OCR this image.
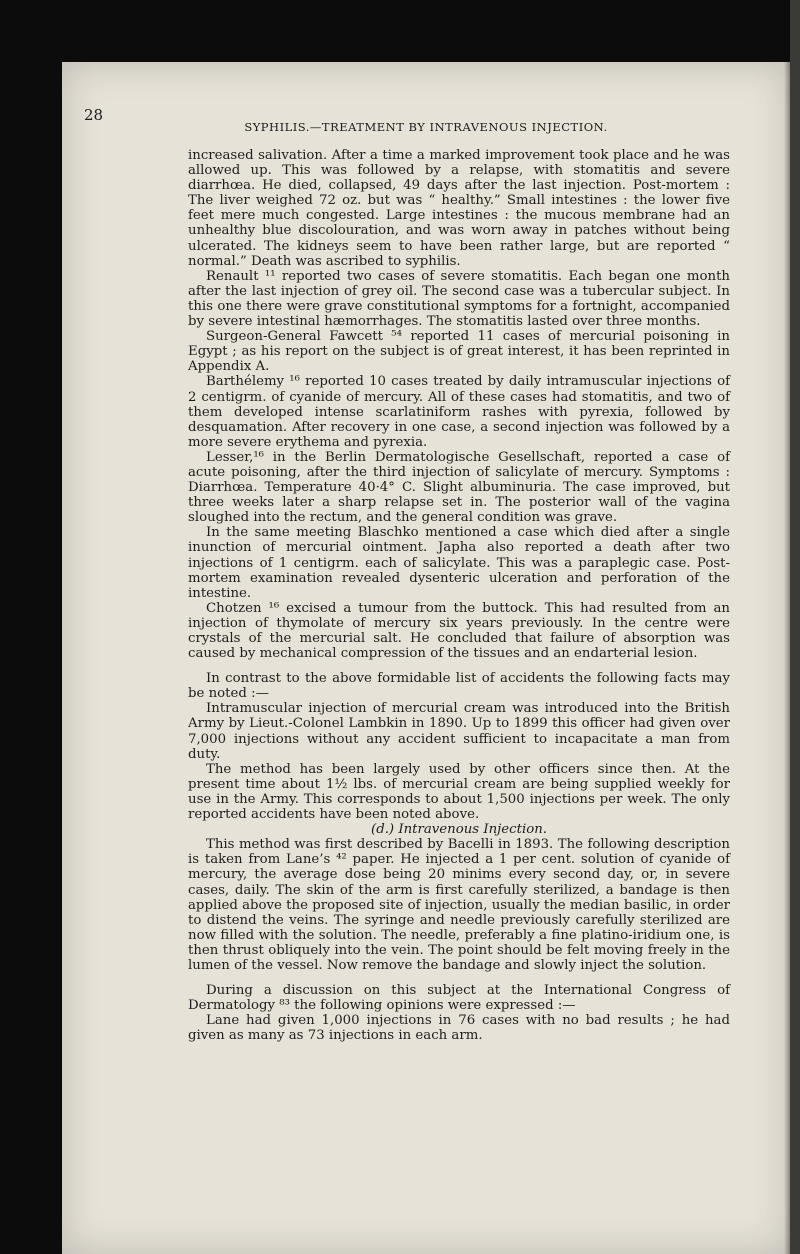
28
SYPHILIS.—TREATMENT BY INTRAVENOUS INJECTION.

increased salivation. After a time a marked improvement took place and he was allowed up. This was followed by a relapse, with stomatitis and severe diarrhœa. He died, collapsed, 49 days after the last injection. Post-mortem : The liver weighed 72 oz. but was “ healthy.” Small intestines : the lower five feet mere much congested. Large intestines : the mucous membrane had an unhealthy blue discolouration, and was worn away in patches without being ulcerated. The kidneys seem to have been rather large, but are reported “ normal.” Death was ascribed to syphilis.

Renault ¹¹ reported two cases of severe stomatitis. Each began one month after the last injection of grey oil. The second case was a tubercular subject. In this one there were grave constitutional symptoms for a fortnight, accompanied by severe intestinal hæmorrhages. The stomatitis lasted over three months.

Surgeon-General Fawcett ⁵⁴ reported 11 cases of mercurial poisoning in Egypt ; as his report on the subject is of great interest, it has been reprinted in Appendix A.

Barthélemy ¹⁶ reported 10 cases treated by daily intramuscular injections of 2 centigrm. of cyanide of mercury. All of these cases had stomatitis, and two of them developed intense scarlatiniform rashes with pyrexia, followed by desquamation. After recovery in one case, a second injection was followed by a more severe erythema and pyrexia.

Lesser,¹⁶ in the Berlin Dermatologische Gesellschaft, reported a case of acute poisoning, after the third injection of salicylate of mercury. Symptoms : Diarrhœa. Temperature 40·4° C. Slight albuminuria. The case improved, but three weeks later a sharp relapse set in. The posterior wall of the vagina sloughed into the rectum, and the general condition was grave.

In the same meeting Blaschko mentioned a case which died after a single inunction of mercurial ointment. Japha also reported a death after two injections of 1 centigrm. each of salicylate. This was a paraplegic case. Post-mortem examination revealed dysenteric ulceration and perforation of the intestine.

Chotzen ¹⁶ excised a tumour from the buttock. This had resulted from an injection of thymolate of mercury six years previously. In the centre were crystals of the mercurial salt. He concluded that failure of absorption was caused by mechanical compression of the tissues and an endarterial lesion.

In contrast to the above formidable list of accidents the following facts may be noted :—

Intramuscular injection of mercurial cream was introduced into the British Army by Lieut.-Colonel Lambkin in 1890. Up to 1899 this officer had given over 7,000 injections without any accident sufficient to incapacitate a man from duty.

The method has been largely used by other officers since then. At the present time about 1½ lbs. of mercurial cream are being supplied weekly for use in the Army. This corresponds to about 1,500 injections per week. The only reported accidents have been noted above.

(d.) Intravenous Injection.

This method was first described by Bacelli in 1893. The following description is taken from Lane’s ⁴² paper. He injected a 1 per cent. solution of cyanide of mercury, the average dose being 20 minims every second day, or, in severe cases, daily. The skin of the arm is first carefully sterilized, a bandage is then applied above the proposed site of injection, usually the median basilic, in order to distend the veins. The syringe and needle previously carefully sterilized are now filled with the solution. The needle, preferably a fine platino-iridium one, is then thrust obliquely into the vein. The point should be felt moving freely in the lumen of the vessel. Now remove the bandage and slowly inject the solution.

During a discussion on this subject at the International Congress of Dermatology ⁸³ the following opinions were expressed :—

Lane had given 1,000 injections in 76 cases with no bad results ; he had given as many as 73 injections in each arm.
